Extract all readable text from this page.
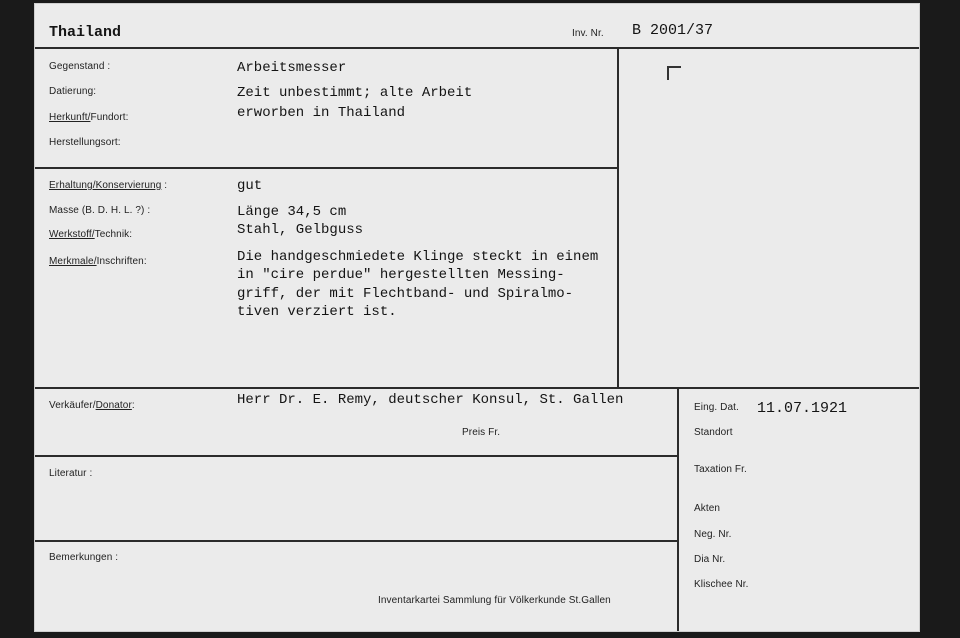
Thailand	Inv. Nr. B 2001/37
Gegenstand :	Arbeitsmesser
Datierung:	Zeit unbestimmt; alte Arbeit
Herkunft/Fundort:	erworben in Thailand
Herstellungsort:
Erhaltung/Konservierung :	gut
Masse (B. D. H. L. ?) :	Länge 34,5 cm
Werkstoff/Technik:	Stahl, Gelbguss
Merkmale/Inschriften:	Die handgeschmiedete Klinge steckt in einem
in "cire perdue" hergestellten Messing-
griff, der mit Flechtband- und Spiralmo-
tiven verziert ist.
Verkäufer/Donator:	Herr Dr. E. Remy, deutscher Konsul, St. Gallen
Preis Fr.
Literatur :
Bemerkungen :
Inventarkartei Sammlung für Völkerkunde St.Gallen
Eing. Dat. 11.07.1921
Standort
Taxation Fr.
Akten
Neg. Nr.
Dia Nr.
Klischee Nr.
